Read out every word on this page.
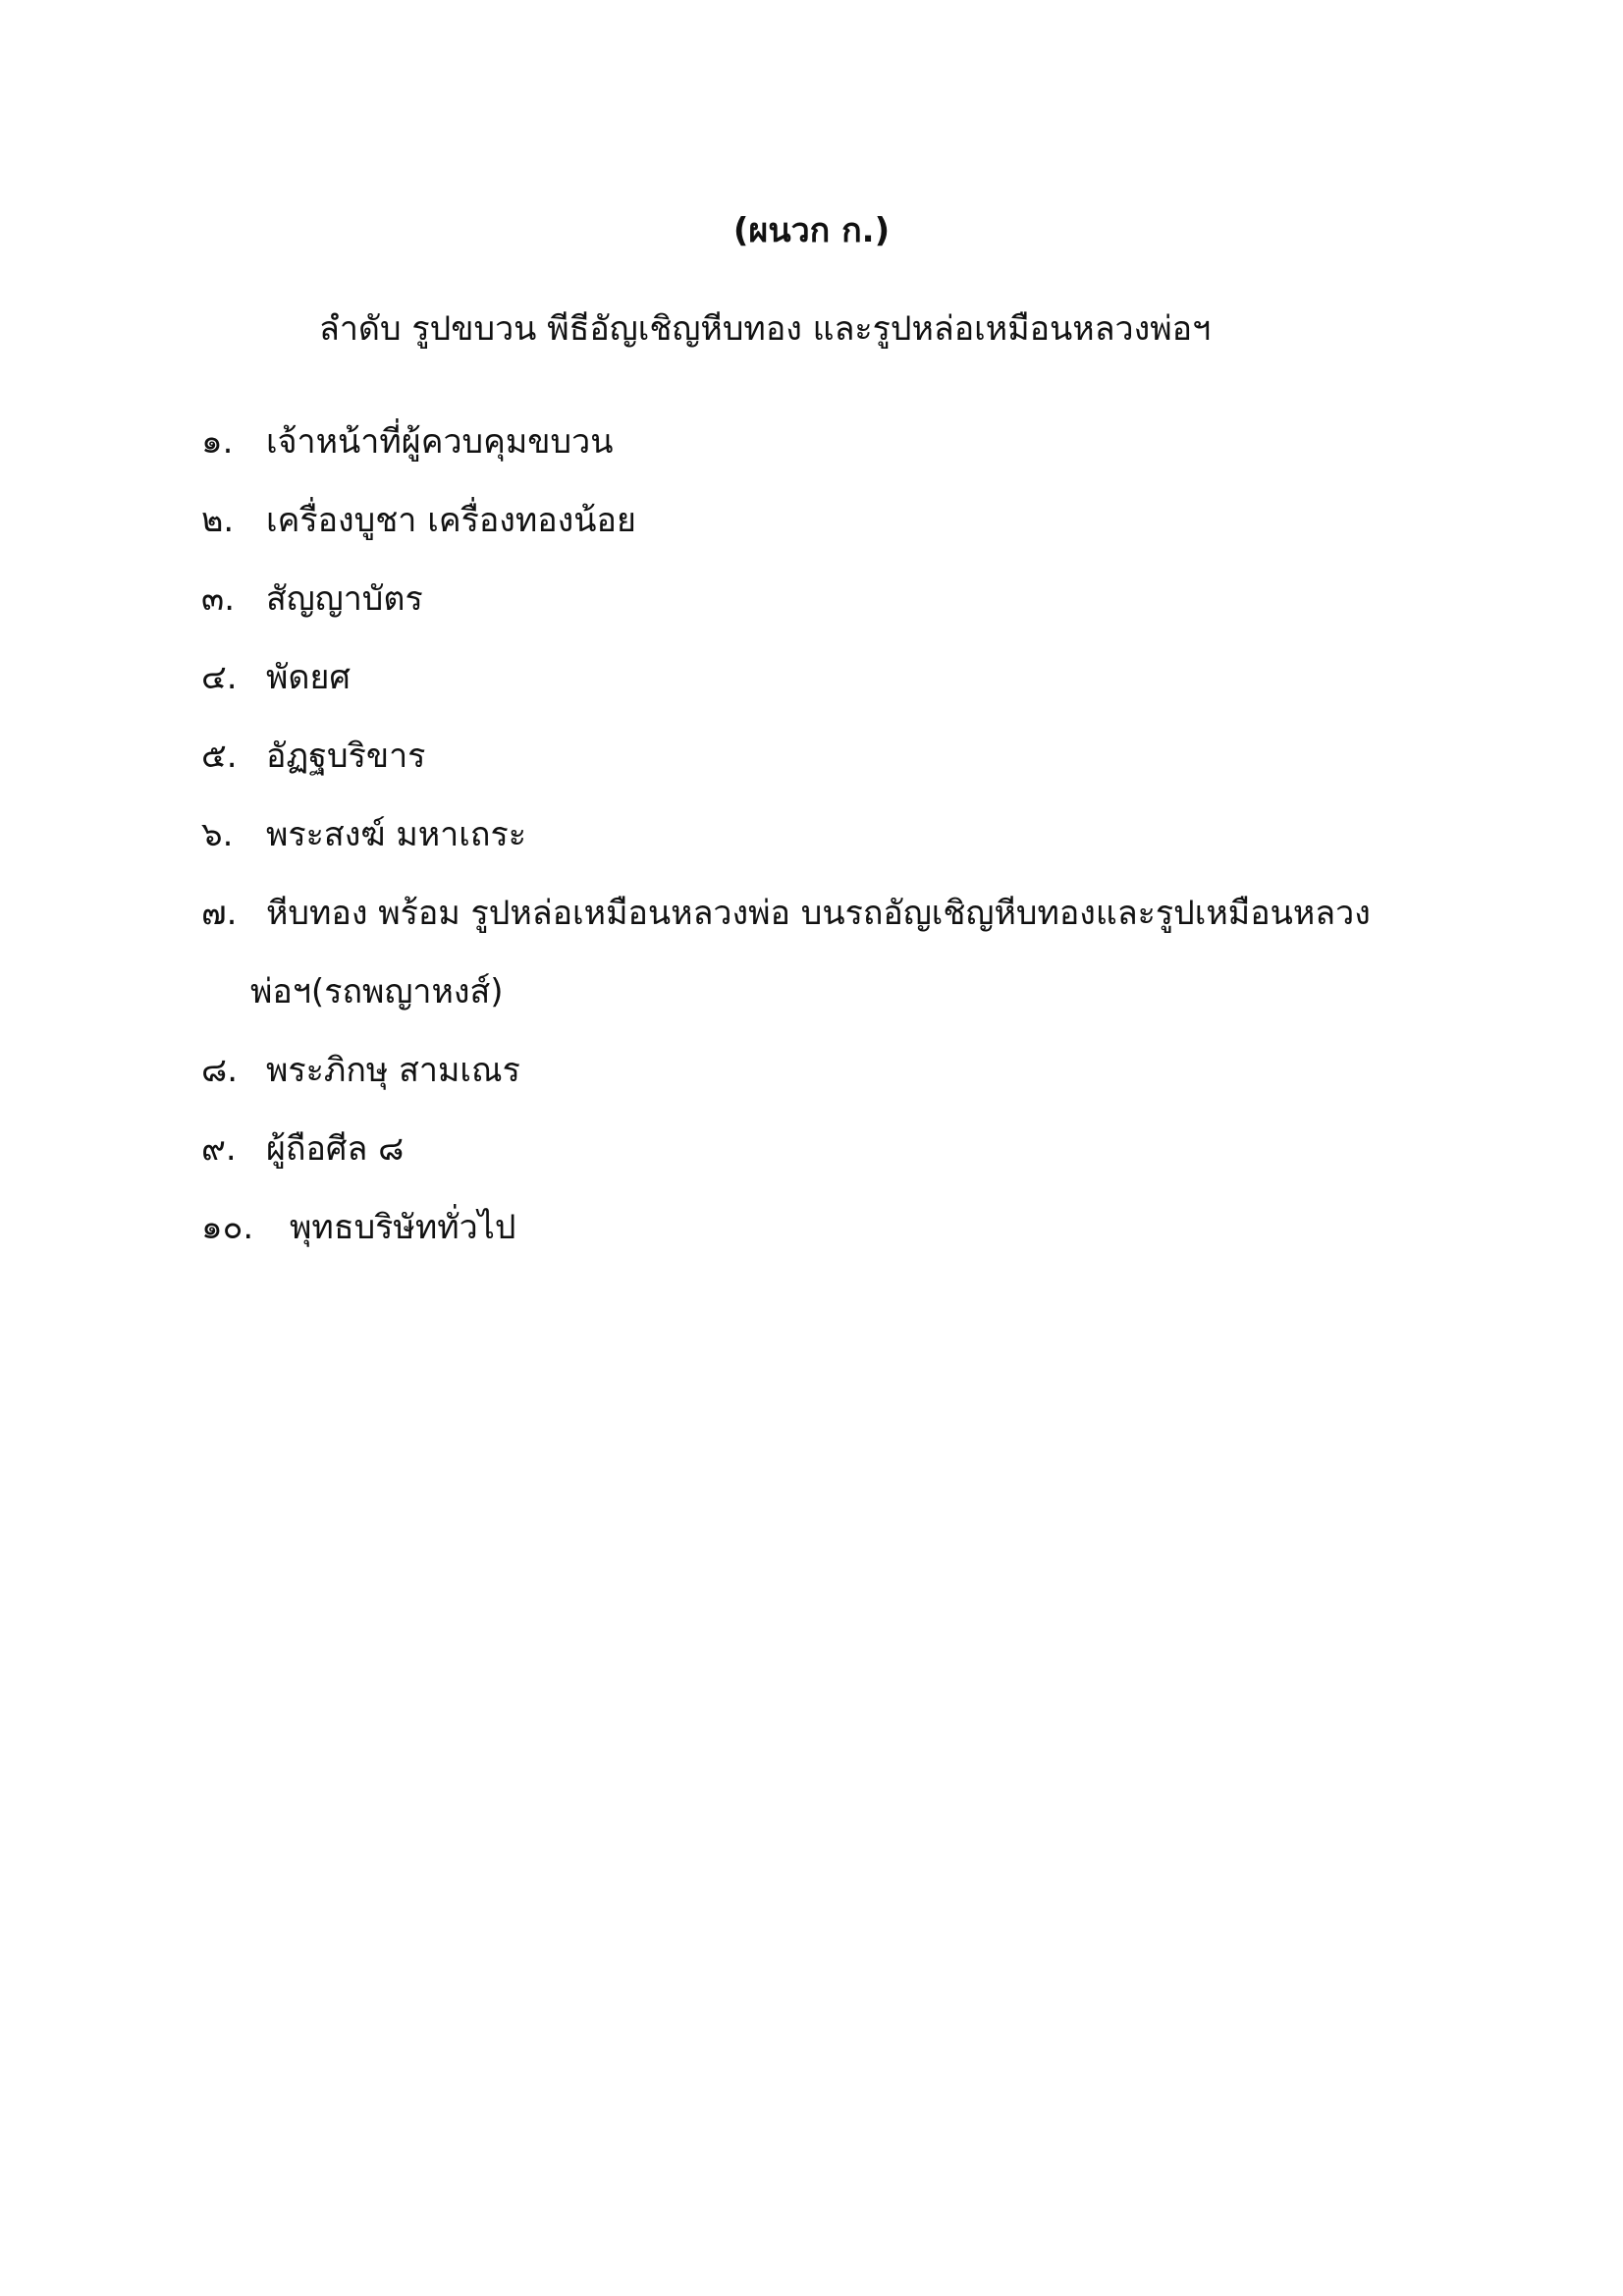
(ผนวก ก.)
ลำดับ รูปขบวน พีธีอัญเชิญหีบทอง และรูปหล่อเหมือนหลวงพ่อฯ
๑. เจ้าหน้าที่ผู้ควบคุมขบวน
๒. เครื่องบูชา เครื่องทองน้อย
๓. สัญญาบัตร
๔. พัดยศ
๕. อัฏฐบริขาร
๖. พระสงฆ์ มหาเถระ
๗. หีบทอง พร้อม รูปหล่อเหมือนหลวงพ่อ บนรถอัญเชิญหีบทองและรูปเหมือนหลวง
พ่อฯ(รถพญาหงส์)
๘. พระภิกษุ สามเณร
๙. ผู้ถือศีล ๘
๑๐.	พุทธบริษัททั่วไป
